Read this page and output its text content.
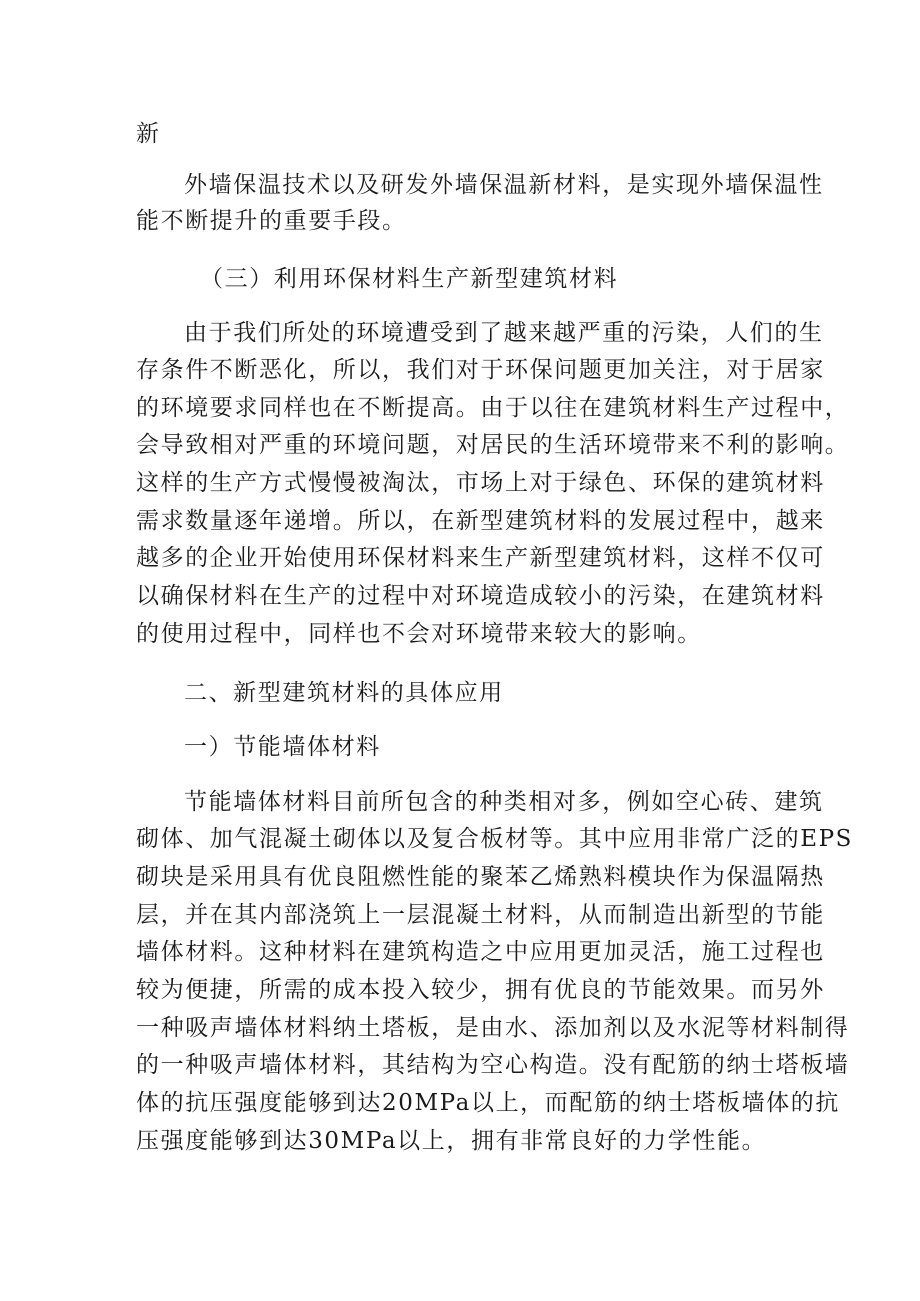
新

外墙保温技术以及研发外墙保温新材料，是实现外墙保温性

能不断提升的重要手段。

（三）利用环保材料生产新型建筑材料

由于我们所处的环境遭受到了越来越严重的污染，人们的生

存条件不断恶化，所以，我们对于环保问题更加关注，对于居家

的环境要求同样也在不断提高。由于以往在建筑材料生产过程中，

会导致相对严重的环境问题，对居民的生活环境带来不利的影响。

这样的生产方式慢慢被淘汰，市场上对于绿色、环保的建筑材料

需求数量逐年递增。所以，在新型建筑材料的发展过程中，越来

越多的企业开始使用环保材料来生产新型建筑材料，这样不仅可

以确保材料在生产的过程中对环境造成较小的污染，在建筑材料

的使用过程中，同样也不会对环境带来较大的影响。

二、新型建筑材料的具体应用

一）节能墙体材料

节能墙体材料目前所包含的种类相对多，例如空心砖、建筑

砌体、加气混凝土砌体以及复合板材等。其中应用非常广泛的EPS

砌块是采用具有优良阻燃性能的聚苯乙烯熟料模块作为保温隔热

层，并在其内部浇筑上一层混凝土材料，从而制造出新型的节能

墙体材料。这种材料在建筑构造之中应用更加灵活，施工过程也

较为便捷，所需的成本投入较少，拥有优良的节能效果。而另外

一种吸声墙体材料纳土塔板，是由水、添加剂以及水泥等材料制得

的一种吸声墙体材料，其结构为空心构造。没有配筋的纳士塔板墙

体的抗压强度能够到达20MPa以上，而配筋的纳士塔板墙体的抗

压强度能够到达30MPa以上，拥有非常良好的力学性能。
